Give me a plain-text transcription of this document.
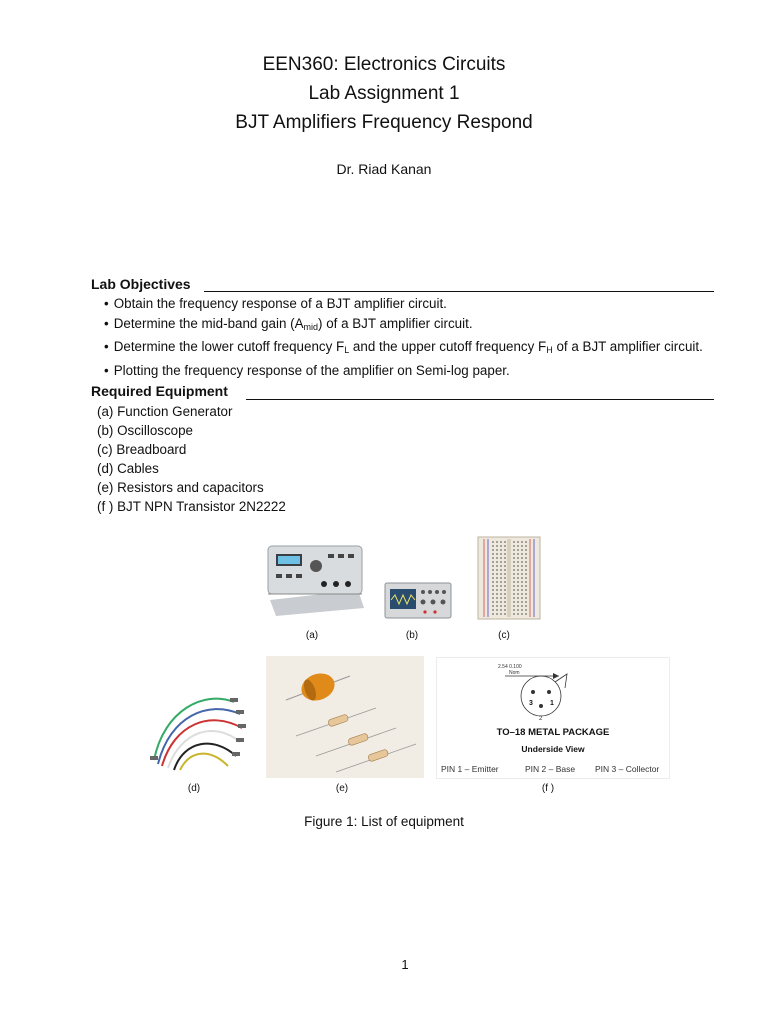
EEN360: Electronics Circuits
Lab Assignment 1
BJT Amplifiers Frequency Respond
Dr. Riad Kanan
Lab Objectives
• Obtain the frequency response of a BJT amplifier circuit.
• Determine the mid-band gain $(A_{mid})$ of a BJT amplifier circuit.
• Determine the lower cutoff frequency $F_L$ and the upper cutoff frequency $F_H$ of a BJT amplifier circuit.
• Plotting the frequency response of the amplifier on Semi-log paper.
Required Equipment
(a) Function Generator
(b) Oscilloscope
(c) Breadboard
(d) Cables
(e) Resistors and capacitors
(f ) BJT NPN Transistor 2N2222
(a)	(b)	(c)
2.54 0.100
Nom
3 1
2
TO–18 METAL PACKAGE
Underside View
PIN 1 – Emitter	PIN 2 – Base PIN 3 – Collector
(d)	(e)	(f )
Figure 1: List of equipment
1
